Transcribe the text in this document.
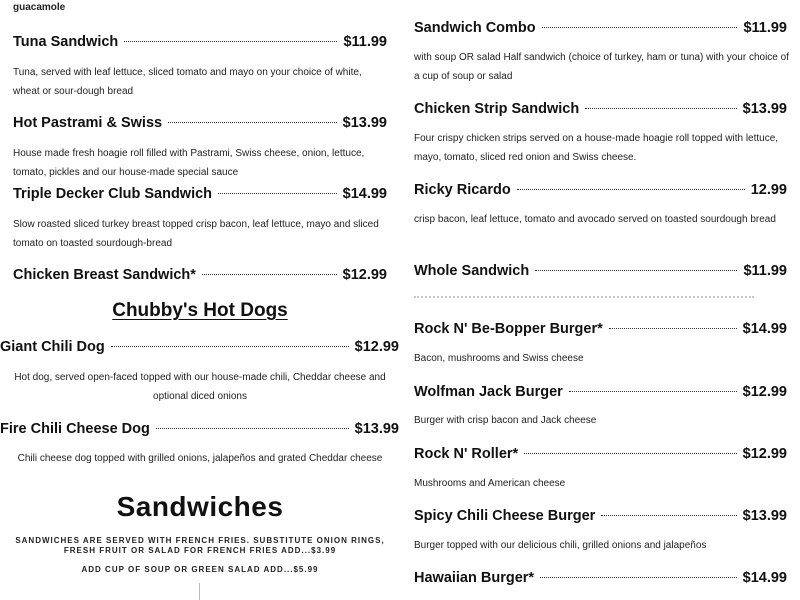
guacamole
Tuna Sandwich	$11.99
Tuna, served with leaf lettuce, sliced tomato and mayo on your choice of white, wheat or sour-dough bread
Hot Pastrami & Swiss	$13.99
House made fresh hoagie roll filled with Pastrami, Swiss cheese, onion, lettuce, tomato, pickles and our house-made special sauce
Triple Decker Club Sandwich	$14.99
Slow roasted sliced turkey breast topped crisp bacon, leaf lettuce, mayo and sliced tomato on toasted sourdough-bread
Chicken Breast Sandwich*	$12.99
Chubby's Hot Dogs
Giant Chili Dog	$12.99
Hot dog, served open-faced topped with our house-made chili, Cheddar cheese and optional diced onions
Fire Chili Cheese Dog	$13.99
Chili cheese dog topped with grilled onions, jalapeños and grated Cheddar cheese
Sandwiches
SANDWICHES ARE SERVED WITH FRENCH FRIES. SUBSTITUTE ONION RINGS, FRESH FRUIT OR SALAD FOR FRENCH FRIES ADD...$3.99
ADD CUP OF SOUP OR GREEN SALAD ADD...$5.99
Sandwich Combo	$11.99
with soup OR salad Half sandwich (choice of turkey, ham or tuna) with your choice of a cup of soup or salad
Chicken Strip Sandwich	$13.99
Four crispy chicken strips served on a house-made hoagie roll topped with lettuce, mayo, tomato, sliced red onion and Swiss cheese.
Ricky Ricardo	12.99
crisp bacon, leaf lettuce, tomato and avocado served on toasted sourdough bread
Whole Sandwich	$11.99
Rock N' Be-Bopper Burger*	$14.99
Bacon, mushrooms and Swiss cheese
Wolfman Jack Burger	$12.99
Burger with crisp bacon and Jack cheese
Rock N' Roller*	$12.99
Mushrooms and American cheese
Spicy Chili Cheese Burger	$13.99
Burger topped with our delicious chili, grilled onions and jalapeños
Hawaiian Burger*	$14.99
